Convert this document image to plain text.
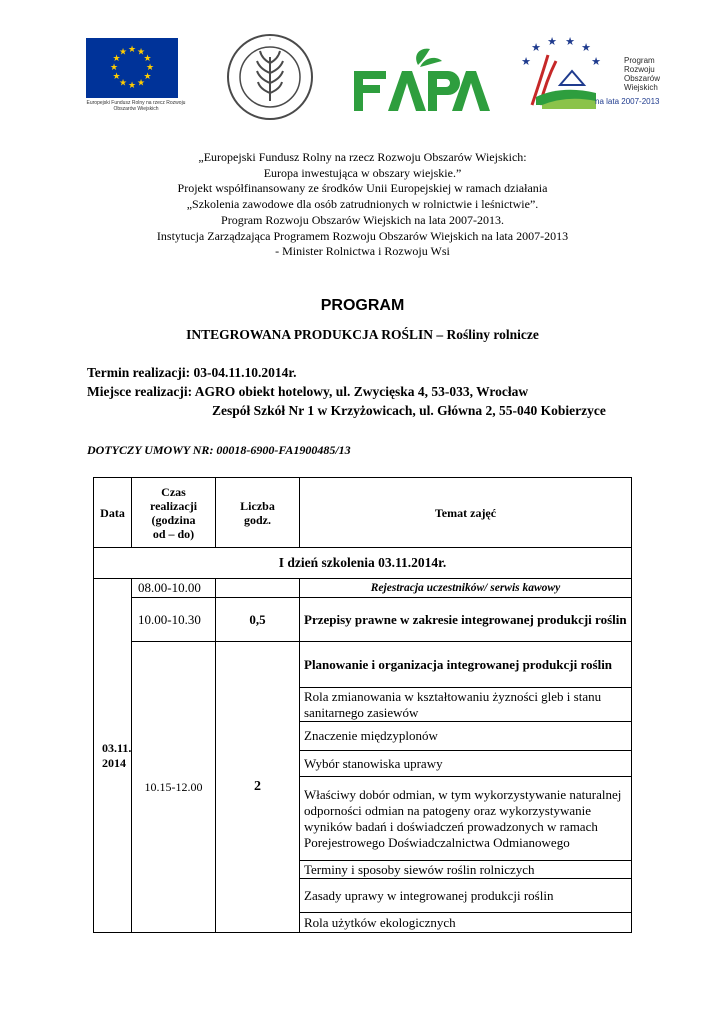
★ ★
★
★
★
★
★
★
★
★
★
★
Europejski Fundusz Rolny na rzecz Rozwoju Obszarów Wiejskich
★
★ ★ ★ ★
★	Program
Rozwoju
Obszarów
Wiejskich
na lata 2007-2013
„Europejski Fundusz Rolny na rzecz Rozwoju Obszarów Wiejskich:
Europa inwestująca w obszary wiejskie.”
Projekt współfinansowany ze środków Unii Europejskiej w ramach działania
„Szkolenia zawodowe dla osób zatrudnionych w rolnictwie i leśnictwie”.
Program Rozwoju Obszarów Wiejskich na lata 2007-2013.
Instytucja Zarządzająca Programem Rozwoju Obszarów Wiejskich na lata 2007-2013
- Minister Rolnictwa i Rozwoju Wsi
PROGRAM
INTEGROWANA PRODUKCJA ROŚLIN – Rośliny rolnicze
Termin realizacji: 03-04.11.10.2014r.
Miejsce realizacji: AGRO obiekt hotelowy, ul. Zwycięska 4, 53-033, Wrocław
Zespół Szkół Nr 1 w Krzyżowicach, ul. Główna 2, 55-040 Kobierzyce
DOTYCZY UMOWY NR: 00018-6900-FA1900485/13
Data	Czas realizacji (godzina od – do)	Liczba godz.	Temat zajęć
I dzień szkolenia 03.11.2014r.			
03.11. 2014	08.00-10.00		Rejestracja uczestników/ serwis kawowy
	10.00-10.30	0,5	Przepisy prawne w zakresie integrowanej produkcji roślin
	10.15-12.00	2	Planowanie i organizacja integrowanej produkcji roślin
			Rola zmianowania w kształtowaniu żyzności gleb i stanu sanitarnego zasiewów
			Znaczenie międzyplonów
			Wybór stanowiska uprawy
			Właściwy dobór odmian, w tym wykorzystywanie naturalnej odporności odmian na patogeny oraz wykorzystywanie wyników badań i doświadczeń prowadzonych w ramach Porejestrowego Doświadczalnictwa Odmianowego
			Terminy i sposoby siewów roślin rolniczych
			Zasady uprawy w integrowanej produkcji roślin
			Rola użytków ekologicznych
